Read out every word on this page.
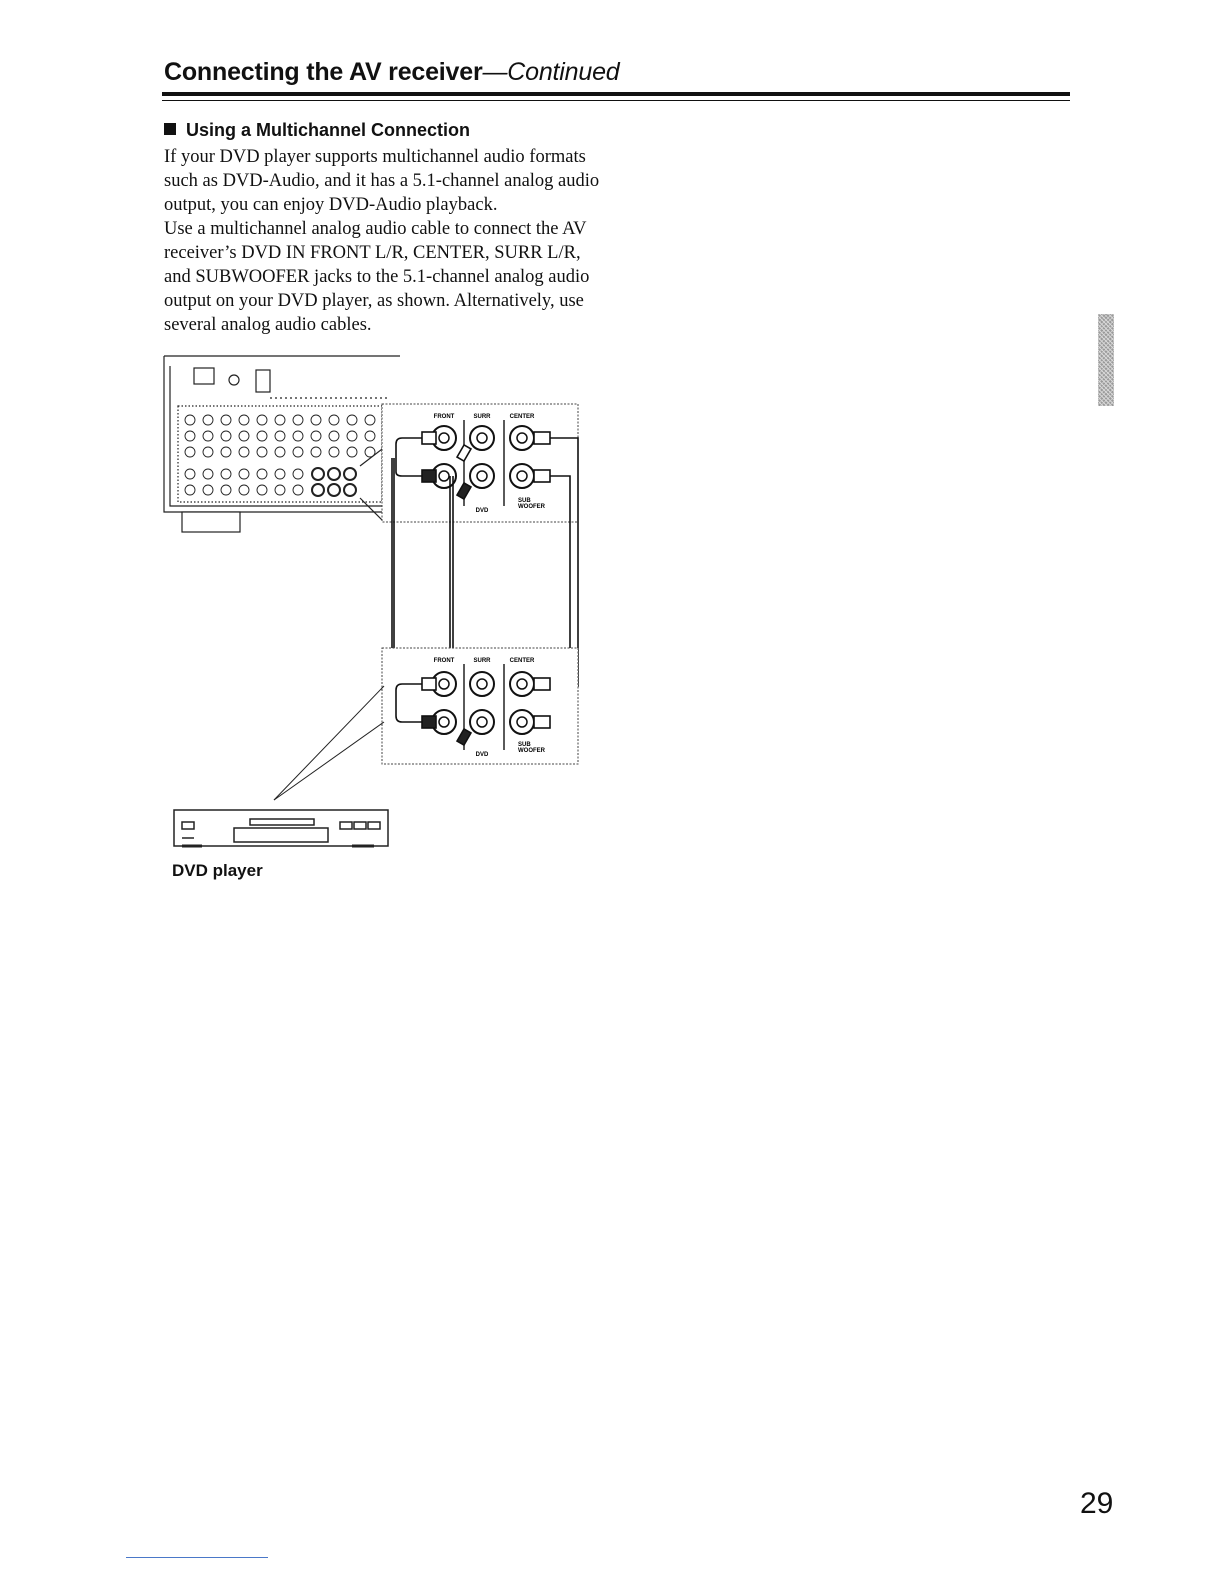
Connecting the AV receiver—Continued
Using a Multichannel Connection
If your DVD player supports multichannel audio formats such as DVD-Audio, and it has a 5.1-channel analog audio output, you can enjoy DVD-Audio playback.
Use a multichannel analog audio cable to connect the AV receiver’s DVD IN FRONT L/R, CENTER, SURR L/R, and SUBWOOFER jacks to the 5.1-channel analog audio output on your DVD player, as shown. Alternatively, use several analog audio cables.
FRONT	SURR	CENTER
SUB
WOOFER
DVD
FRONT	SURR	CENTER
SUB
WOOFER
DVD
DVD player
29
